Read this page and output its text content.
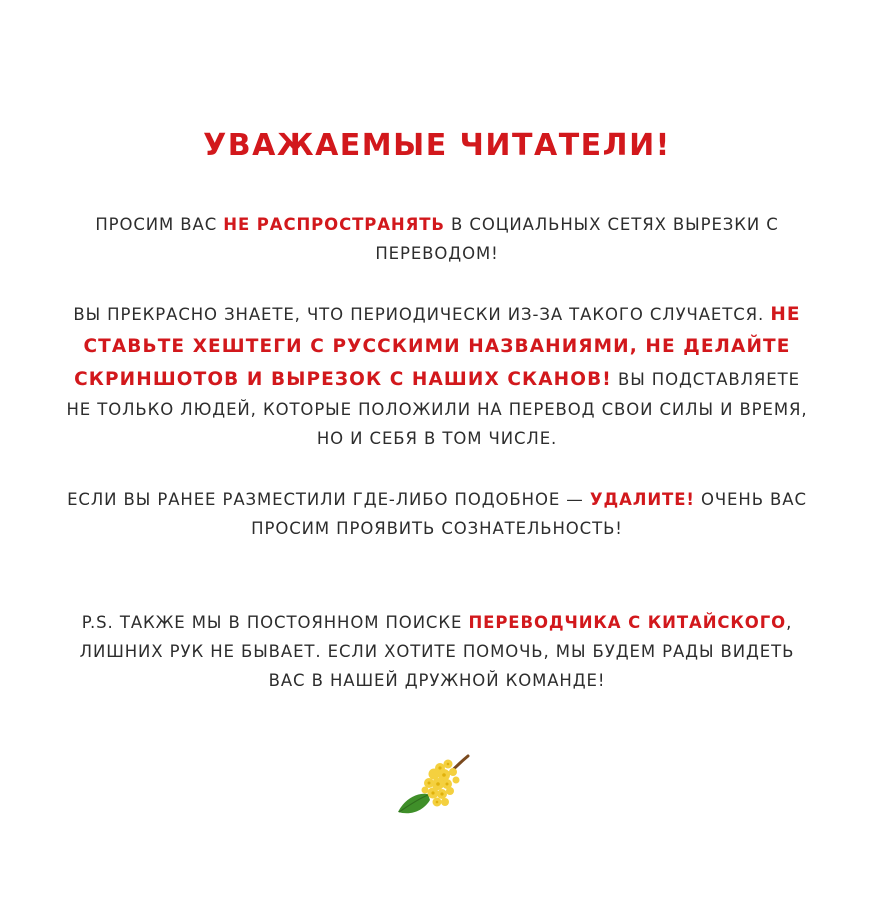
УВАЖАЕМЫЕ ЧИТАТЕЛИ!

ПРОСИМ ВАС НЕ РАСПРОСТРАНЯТЬ В СОЦИАЛЬНЫХ СЕТЯХ ВЫРЕЗКИ С ПЕРЕВОДОМ!

ВЫ ПРЕКРАСНО ЗНАЕТЕ, ЧТО ПЕРИОДИЧЕСКИ ИЗ-ЗА ТАКОГО СЛУЧАЕТСЯ. НЕ СТАВЬТЕ ХЕШТЕГИ С РУССКИМИ НАЗВАНИЯМИ, НЕ ДЕЛАЙТЕ СКРИНШОТОВ И ВЫРЕЗОК С НАШИХ СКАНОВ! ВЫ ПОДСТАВЛЯЕТЕ НЕ ТОЛЬКО ЛЮДЕЙ, КОТОРЫЕ ПОЛОЖИЛИ НА ПЕРЕВОД СВОИ СИЛЫ И ВРЕМЯ, НО И СЕБЯ В ТОМ ЧИСЛЕ.

ЕСЛИ ВЫ РАНЕЕ РАЗМЕСТИЛИ ГДЕ-ЛИБО ПОДОБНОЕ — УДАЛИТЕ! ОЧЕНЬ ВАС ПРОСИМ ПРОЯВИТЬ СОЗНАТЕЛЬНОСТЬ!

P.S. ТАКЖЕ МЫ В ПОСТОЯННОМ ПОИСКЕ ПЕРЕВОДЧИКА С КИТАЙСКОГО, ЛИШНИХ РУК НЕ БЫВАЕТ. ЕСЛИ ХОТИТЕ ПОМОЧЬ, МЫ БУДЕМ РАДЫ ВИДЕТЬ ВАС В НАШЕЙ ДРУЖНОЙ КОМАНДЕ!
